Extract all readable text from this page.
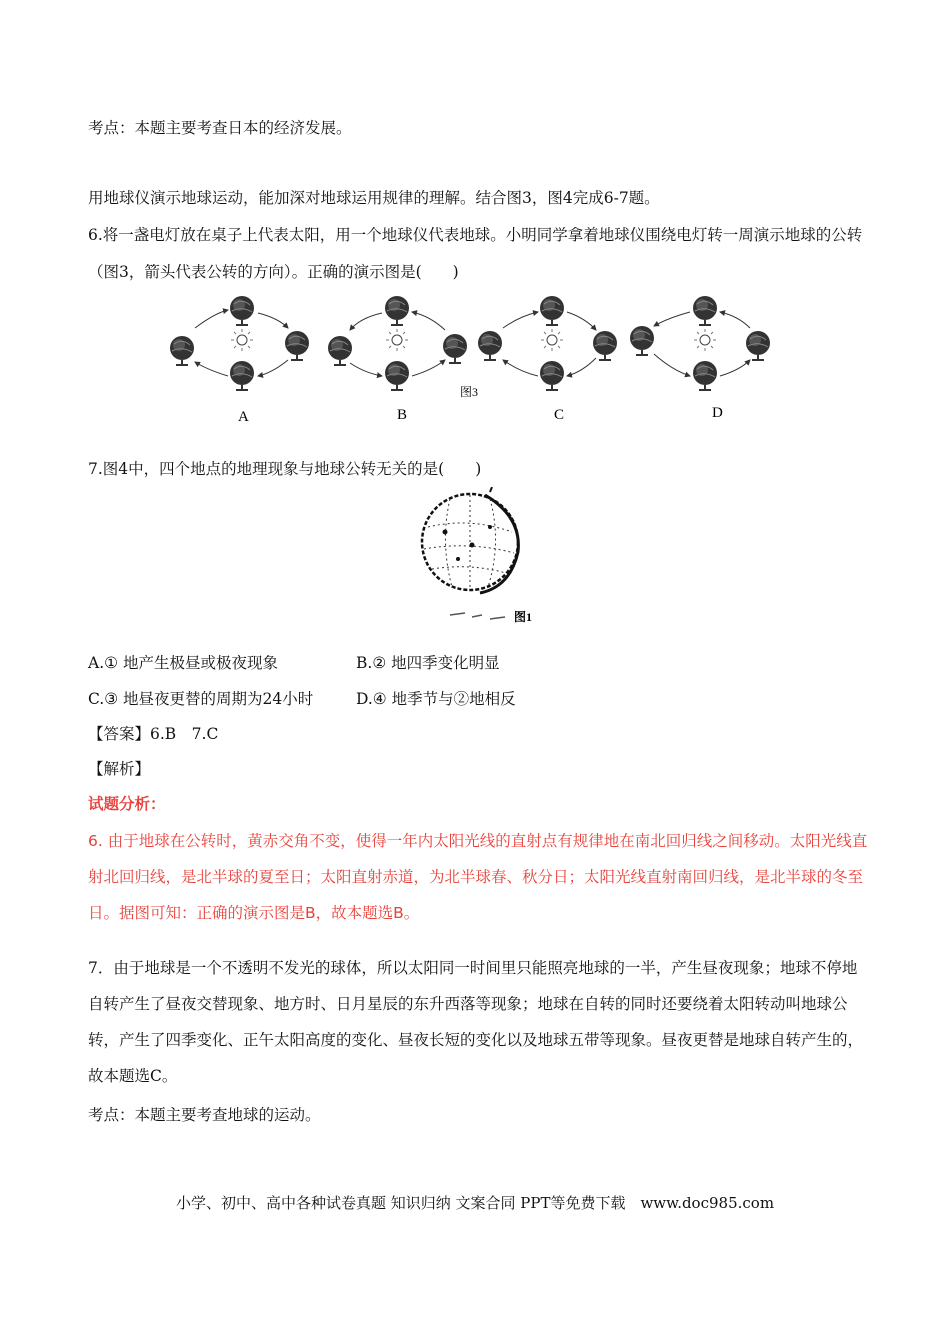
考点：本题主要考查日本的经济发展。
用地球仪演示地球运动，能加深对地球运用规律的理解。结合图3，图4完成6-7题。
6.将一盏电灯放在桌子上代表太阳，用一个地球仪代表地球。小明同学拿着地球仪围绕电灯转一周演示地球的公转（图3，箭头代表公转的方向）。正确的演示图是(　　)
图3
A	B	C	D
7.图4中，四个地点的地理现象与地球公转无关的是(　　)
图1
A.① 地产生极昼或极夜现象	B.② 地四季变化明显
C.③ 地昼夜更替的周期为24小时	D.④ 地季节与②地相反
【答案】6.B　7.C
【解析】
试题分析：
6. 由于地球在公转时，黄赤交角不变，使得一年内太阳光线的直射点有规律地在南北回归线之间移动。太阳光线直射北回归线，是北半球的夏至日；太阳直射赤道，为北半球春、秋分日；太阳光线直射南回归线，是北半球的冬至日。据图可知：正确的演示图是B，故本题选B。
7．由于地球是一个不透明不发光的球体，所以太阳同一时间里只能照亮地球的一半，产生昼夜现象；地球不停地自转产生了昼夜交替现象、地方时、日月星辰的东升西落等现象；地球在自转的同时还要绕着太阳转动叫地球公转，产生了四季变化、正午太阳高度的变化、昼夜长短的变化以及地球五带等现象。昼夜更替是地球自转产生的，故本题选C。
考点：本题主要考查地球的运动。
小学、初中、高中各种试卷真题 知识归纳 文案合同 PPT等免费下载　www.doc985.com
